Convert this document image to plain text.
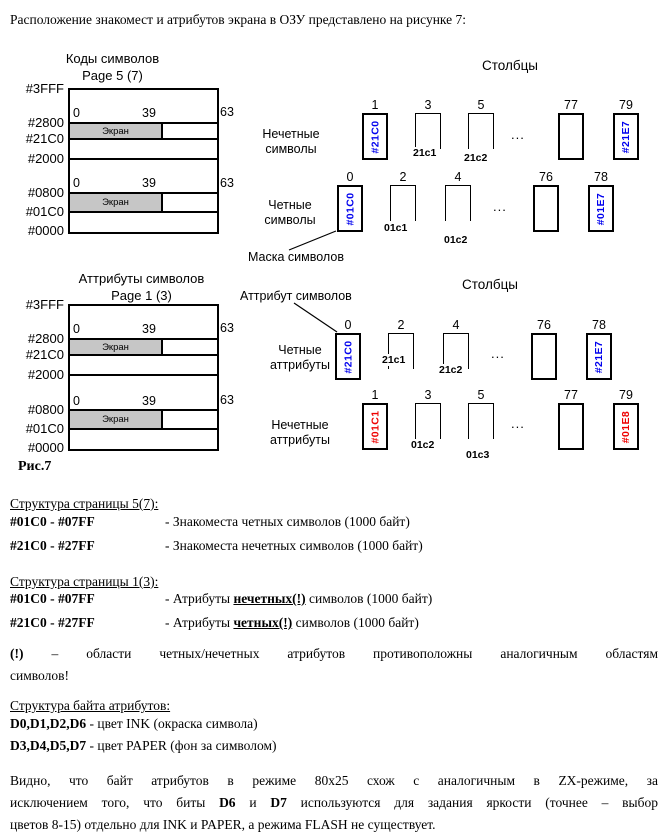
Расположение знакомест и атрибутов экрана в ОЗУ представлено на рисунке 7:
Коды символов
Page 5 (7)
#3FFF
#2800
#21C0
#2000
#0800
#01C0
#0000
Экран
Экран
0	39
0	39
63
63
Аттрибуты символов
Page 1 (3)
#3FFF
#2800
#21C0
#2000
#0800
#01C0
#0000
Экран
Экран
0	39
0	39
63
63
Рис.7
Столбцы
Столбцы
1	3	5	77	79
#21C0	#21E7
21c1	21c2
...
Нечетные
символы
0	2	4	76	78
#01C0	#01E7
01c1
01c2
...
Четные
символы
Маска символов
Аттрибут символов
0	2	4	76	78
#21C0	#21E7
21c1
21c2
...
Четные
аттрибуты
1	3	5	77	79
#01C1	#01E8
01c2
01c3
...
Нечетные
аттрибуты
Структура страницы 5(7):
#01C0 - #07FF	- Знакоместа четных символов (1000 байт)
#21C0 - #27FF	- Знакоместа нечетных символов (1000 байт)
Структура страницы 1(3):
#01C0 - #07FF	- Атрибуты нечетных(!) символов (1000 байт)
#21C0 - #27FF	- Атрибуты четных(!) символов (1000 байт)
(!) – области четных/нечетных атрибутов противоположны аналогичным областям
символов!
Структура байта атрибутов:
D0,D1,D2,D6 - цвет INK (окраска символа)
D3,D4,D5,D7 - цвет PAPER (фон за символом)
Видно, что байт атрибутов в режиме 80x25 схож с аналогичным в ZX-режиме, за
исключением того, что биты D6 и D7 используются для задания яркости (точнее – выбор
цветов 8-15) отдельно для INK и PAPER, а режима FLASH не существует.
